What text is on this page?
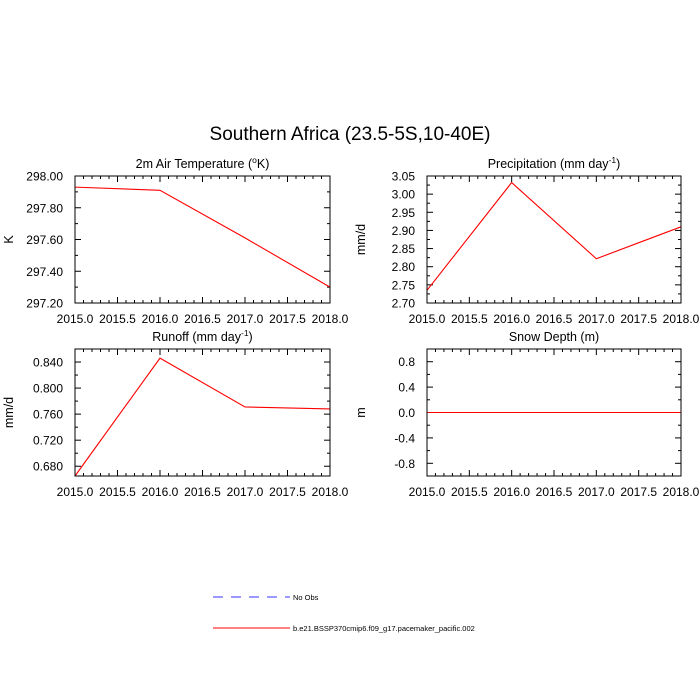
Southern Africa (23.5-5S,10-40E)
2m Air Temperature ($^o$K)
K
2015.0 2015.5 2016.0 2016.5 2017.0 2017.5 2018.0
297.20
297.40
297.60
297.80
298.00
Precipitation (mm day$^{-1}$)
mm/d
2015.0 2015.5 2016.0 2016.5 2017.0 2017.5 2018.0
2.70
2.75
2.80
2.85
2.90
2.95
3.00
3.05
Runoff (mm day$^{-1}$)
mm/d
2015.0 2015.5 2016.0 2016.5 2017.0 2017.5 2018.0
0.680
0.720
0.760
0.800
0.840
Snow Depth (m)
m
2015.0 2015.5 2016.0 2016.5 2017.0 2017.5 2018.0
-0.8
-0.4
0.0
0.4
0.8
No Obs
b.e21.BSSP370cmip6.f09_g17.pacemaker_pacific.002
